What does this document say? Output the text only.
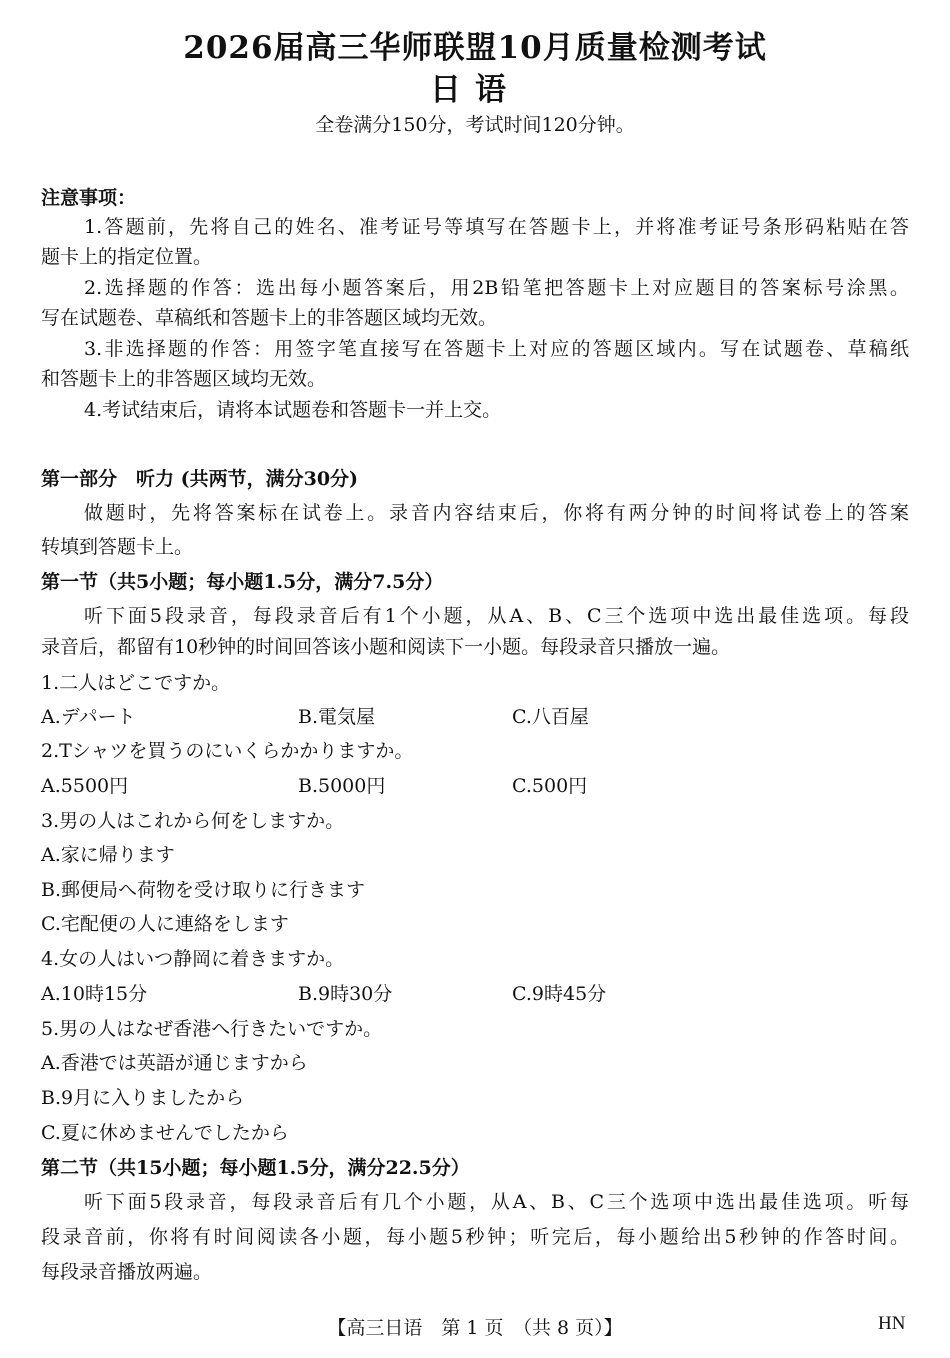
2026届高三华师联盟10月质量检测考试
日语
全卷满分150分，考试时间120分钟。
注意事项：
1.答题前，先将自己的姓名、准考证号等填写在答题卡上，并将准考证号条形码粘贴在答
题卡上的指定位置。
2.选择题的作答：选出每小题答案后，用2B铅笔把答题卡上对应题目的答案标号涂黑。
写在试题卷、草稿纸和答题卡上的非答题区域均无效。
3.非选择题的作答：用签字笔直接写在答题卡上对应的答题区域内。写在试题卷、草稿纸
和答题卡上的非答题区域均无效。
4.考试结束后，请将本试题卷和答题卡一并上交。
第一部分　听力 (共两节，满分30分)
做题时，先将答案标在试卷上。录音内容结束后，你将有两分钟的时间将试卷上的答案
转填到答题卡上。
第一节（共5小题；每小题1.5分，满分7.5分）
听下面5段录音，每段录音后有1个小题，从A、B、C三个选项中选出最佳选项。每段
录音后，都留有10秒钟的时间回答该小题和阅读下一小题。每段录音只播放一遍。
1.二人はどこですか。
A.デパート	B.電気屋	C.八百屋
2.Tシャツを買うのにいくらかかりますか。
A.5500円	B.5000円	C.500円
3.男の人はこれから何をしますか。
A.家に帰ります
B.郵便局へ荷物を受け取りに行きます
C.宅配便の人に連絡をします
4.女の人はいつ静岡に着きますか。
A.10時15分	B.9時30分	C.9時45分
5.男の人はなぜ香港へ行きたいですか。
A.香港では英語が通じますから
B.9月に入りましたから
C.夏に休めませんでしたから
第二节（共15小题；每小题1.5分，满分22.5分）
听下面5段录音，每段录音后有几个小题，从A、B、C三个选项中选出最佳选项。听每
段录音前，你将有时间阅读各小题，每小题5秒钟；听完后，每小题给出5秒钟的作答时间。
每段录音播放两遍。
【高三日语　第 1 页　（共 8 页）】	HN
